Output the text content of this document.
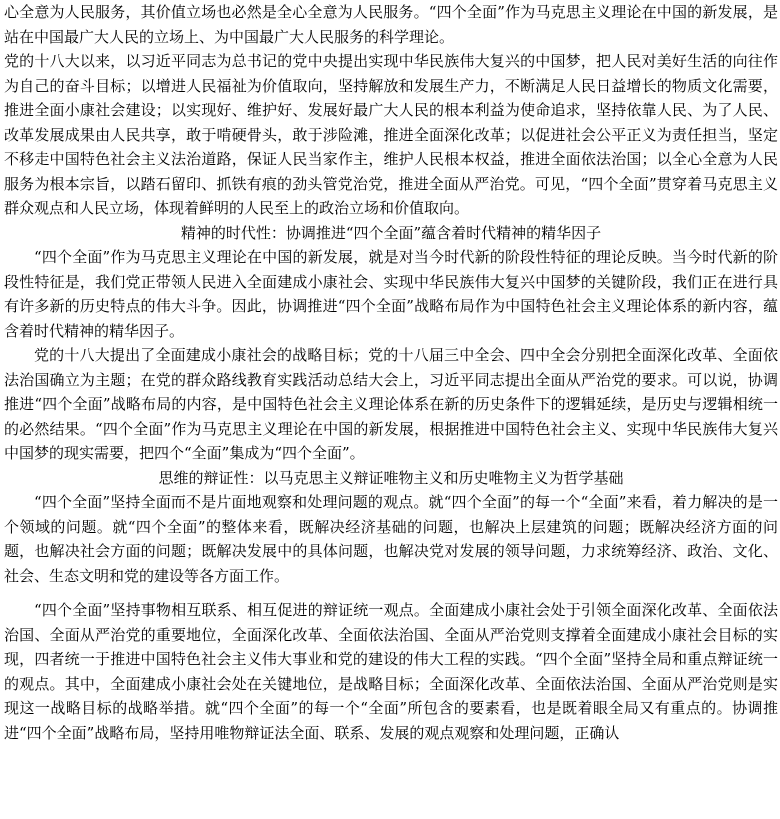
心全意为人民服务，其价值立场也必然是全心全意为人民服务。“四个全面”作为马克思主义理论在中国的新发展，是站在中国最广大人民的立场上、为中国最广大人民服务的科学理论。

党的十八大以来，以习近平同志为总书记的党中央提出实现中华民族伟大复兴的中国梦，把人民对美好生活的向往作为自己的奋斗目标；以增进人民福祉为价值取向，坚持解放和发展生产力，不断满足人民日益增长的物质文化需要，推进全面小康社会建设；以实现好、维护好、发展好最广大人民的根本利益为使命追求，坚持依靠人民、为了人民、改革发展成果由人民共享，敢于啃硬骨头，敢于涉险滩，推进全面深化改革；以促进社会公平正义为责任担当，坚定不移走中国特色社会主义法治道路，保证人民当家作主，维护人民根本权益，推进全面依法治国；以全心全意为人民服务为根本宗旨，以踏石留印、抓铁有痕的劲头管党治党，推进全面从严治党。可见，“四个全面”贯穿着马克思主义群众观点和人民立场，体现着鲜明的人民至上的政治立场和价值取向。

精神的时代性：协调推进“四个全面”蕴含着时代精神的精华因子

“四个全面”作为马克思主义理论在中国的新发展，就是对当今时代新的阶段性特征的理论反映。当今时代新的阶段性特征是，我们党正带领人民进入全面建成小康社会、实现中华民族伟大复兴中国梦的关键阶段，我们正在进行具有许多新的历史特点的伟大斗争。因此，协调推进“四个全面”战略布局作为中国特色社会主义理论体系的新内容，蕴含着时代精神的精华因子。

党的十八大提出了全面建成小康社会的战略目标；党的十八届三中全会、四中全会分别把全面深化改革、全面依法治国确立为主题；在党的群众路线教育实践活动总结大会上，习近平同志提出全面从严治党的要求。可以说，协调推进“四个全面”战略布局的内容，是中国特色社会主义理论体系在新的历史条件下的逻辑延续，是历史与逻辑相统一的必然结果。“四个全面”作为马克思主义理论在中国的新发展，根据推进中国特色社会主义、实现中华民族伟大复兴中国梦的现实需要，把四个“全面”集成为“四个全面”。

思维的辩证性：以马克思主义辩证唯物主义和历史唯物主义为哲学基础

“四个全面”坚持全面而不是片面地观察和处理问题的观点。就“四个全面”的每一个“全面”来看，着力解决的是一个领域的问题。就“四个全面”的整体来看，既解决经济基础的问题，也解决上层建筑的问题；既解决经济方面的问题，也解决社会方面的问题；既解决发展中的具体问题，也解决党对发展的领导问题，力求统筹经济、政治、文化、社会、生态文明和党的建设等各方面工作。

“四个全面”坚持事物相互联系、相互促进的辩证统一观点。全面建成小康社会处于引领全面深化改革、全面依法治国、全面从严治党的重要地位，全面深化改革、全面依法治国、全面从严治党则支撑着全面建成小康社会目标的实现，四者统一于推进中国特色社会主义伟大事业和党的建设的伟大工程的实践。“四个全面”坚持全局和重点辩证统一的观点。其中，全面建成小康社会处在关键地位，是战略目标；全面深化改革、全面依法治国、全面从严治党则是实现这一战略目标的战略举措。就“四个全面”的每一个“全面”所包含的要素看，也是既着眼全局又有重点的。协调推进“四个全面”战略布局，坚持用唯物辩证法全面、联系、发展的观点观察和处理问题，正确认
